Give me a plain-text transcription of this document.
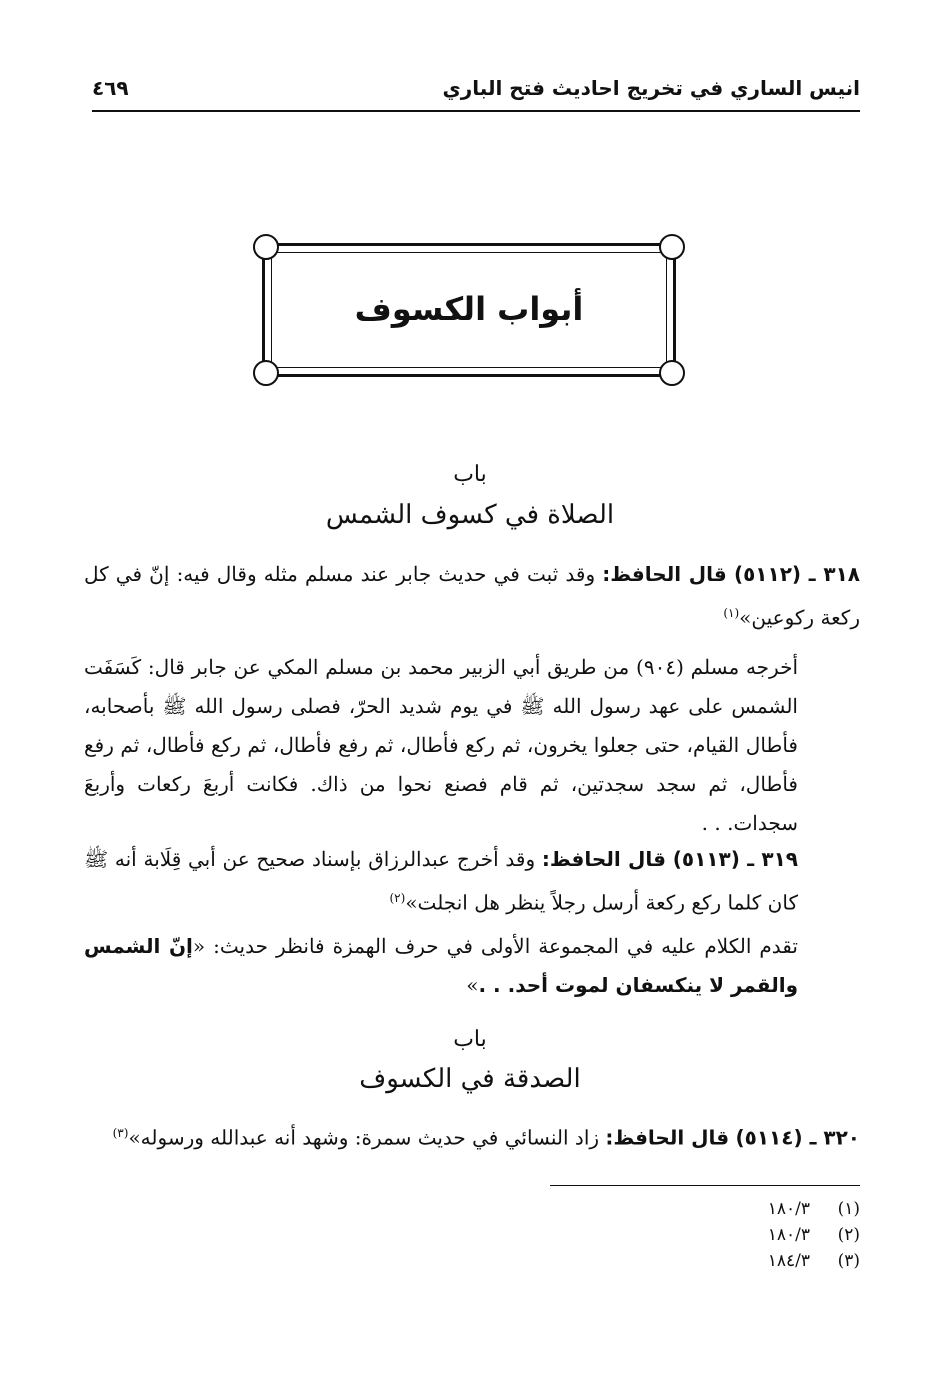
انيس الساري في تخريج احاديث فتح الباري
٤٦٩
أبواب الكسوف
باب
الصلاة في كسوف الشمس
٣١٨ ـ (٥١١٢) قال الحافظ: وقد ثبت في حديث جابر عند مسلم مثله وقال فيه: إنّ في كل ركعة ركوعين»$^{(١)}$
أخرجه مسلم (٩٠٤) من طريق أبي الزبير محمد بن مسلم المكي عن جابر قال: كَسَفَت الشمس على عهد رسول الله ﷺ في يوم شديد الحرّ، فصلى رسول الله ﷺ بأصحابه، فأطال القيام، حتى جعلوا يخرون، ثم ركع فأطال، ثم رفع فأطال، ثم ركع فأطال، ثم رفع فأطال، ثم سجد سجدتين، ثم قام فصنع نحوا من ذاك. فكانت أربعَ ركعات وأربعَ سجدات. . .
٣١٩ ـ (٥١١٣) قال الحافظ: وقد أخرج عبدالرزاق بإسناد صحيح عن أبي قِلَابة أنه ﷺ كان كلما ركع ركعة أرسل رجلاً ينظر هل انجلت»$^{(٢)}$
تقدم الكلام عليه في المجموعة الأولى في حرف الهمزة فانظر حديث: «إنّ الشمس والقمر لا ينكسفان لموت أحد. . .»
باب
الصدقة في الكسوف
٣٢٠ ـ (٥١١٤) قال الحافظ: زاد النسائي في حديث سمرة: وشهد أنه عبدالله ورسوله»$^{(٣)}$
(١)١٨٠/٣
(٢)١٨٠/٣
(٣)١٨٤/٣
